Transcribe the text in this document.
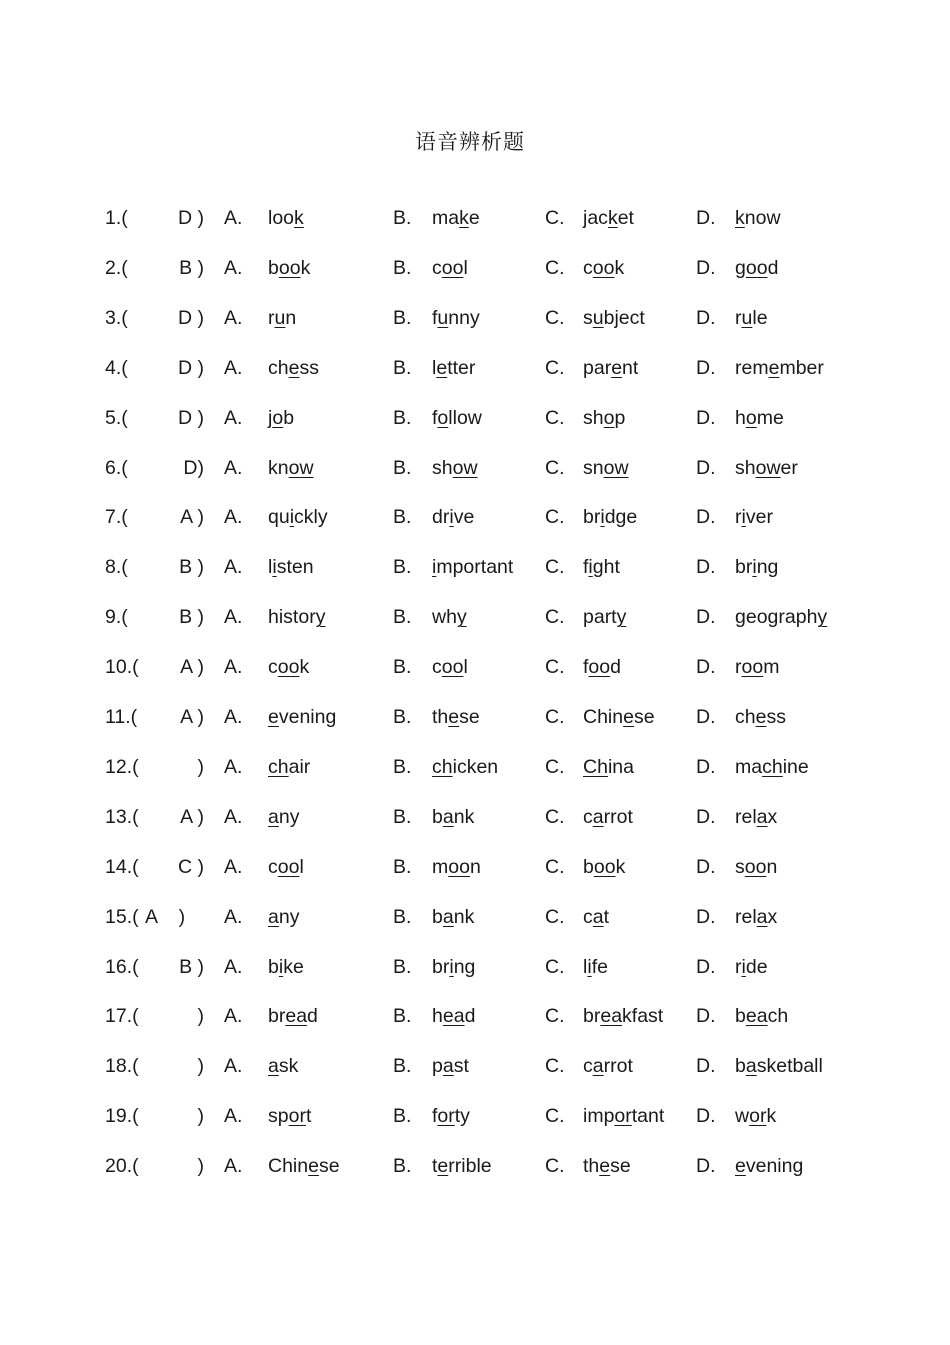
语音辨析题
1.(	D ) A. look	B. make	C. jacket	D. know
2.(	B ) A. book	B. cool	C. cook	D. good
3.(	D ) A. run	B. funny	C. subject	D. rule
4.(	D ) A. chess	B. letter	C. parent	D. remember
5.(	D ) A. job	B. follow	C. shop	D. home
6.(	D) A. know	B. show	C. snow	D. shower
7.(	A ) A. quickly	B. drive	C. bridge	D. river
8.(	B ) A. listen	B. important C. fight	D. bring
9.(	B ) A. history	B. why	C. party	D. geography
10.(	A ) A. cook	B. cool	C. food	D. room
11.(	A ) A. evening	B. these	C. Chinese D. chess
12.(	) A. chair	B. chicken C. China	D. machine
13.(	A ) A. any	B. bank	C. carrot	D. relax
14.(	C ) A. cool	B. moon	C. book	D. soon
15.( A    )	A. any	B. bank	C. cat	D. relax
16.(	B ) A. bike	B. bring	C. life	D. ride
17.(	) A. bread	B. head	C. breakfast D. beach
18.(	) A. ask	B. past	C. carrot	D. basketball
19.(	) A. sport	B. forty	C. important D. work
20.(	) A. Chinese	B. terrible	C. these	D. evening
